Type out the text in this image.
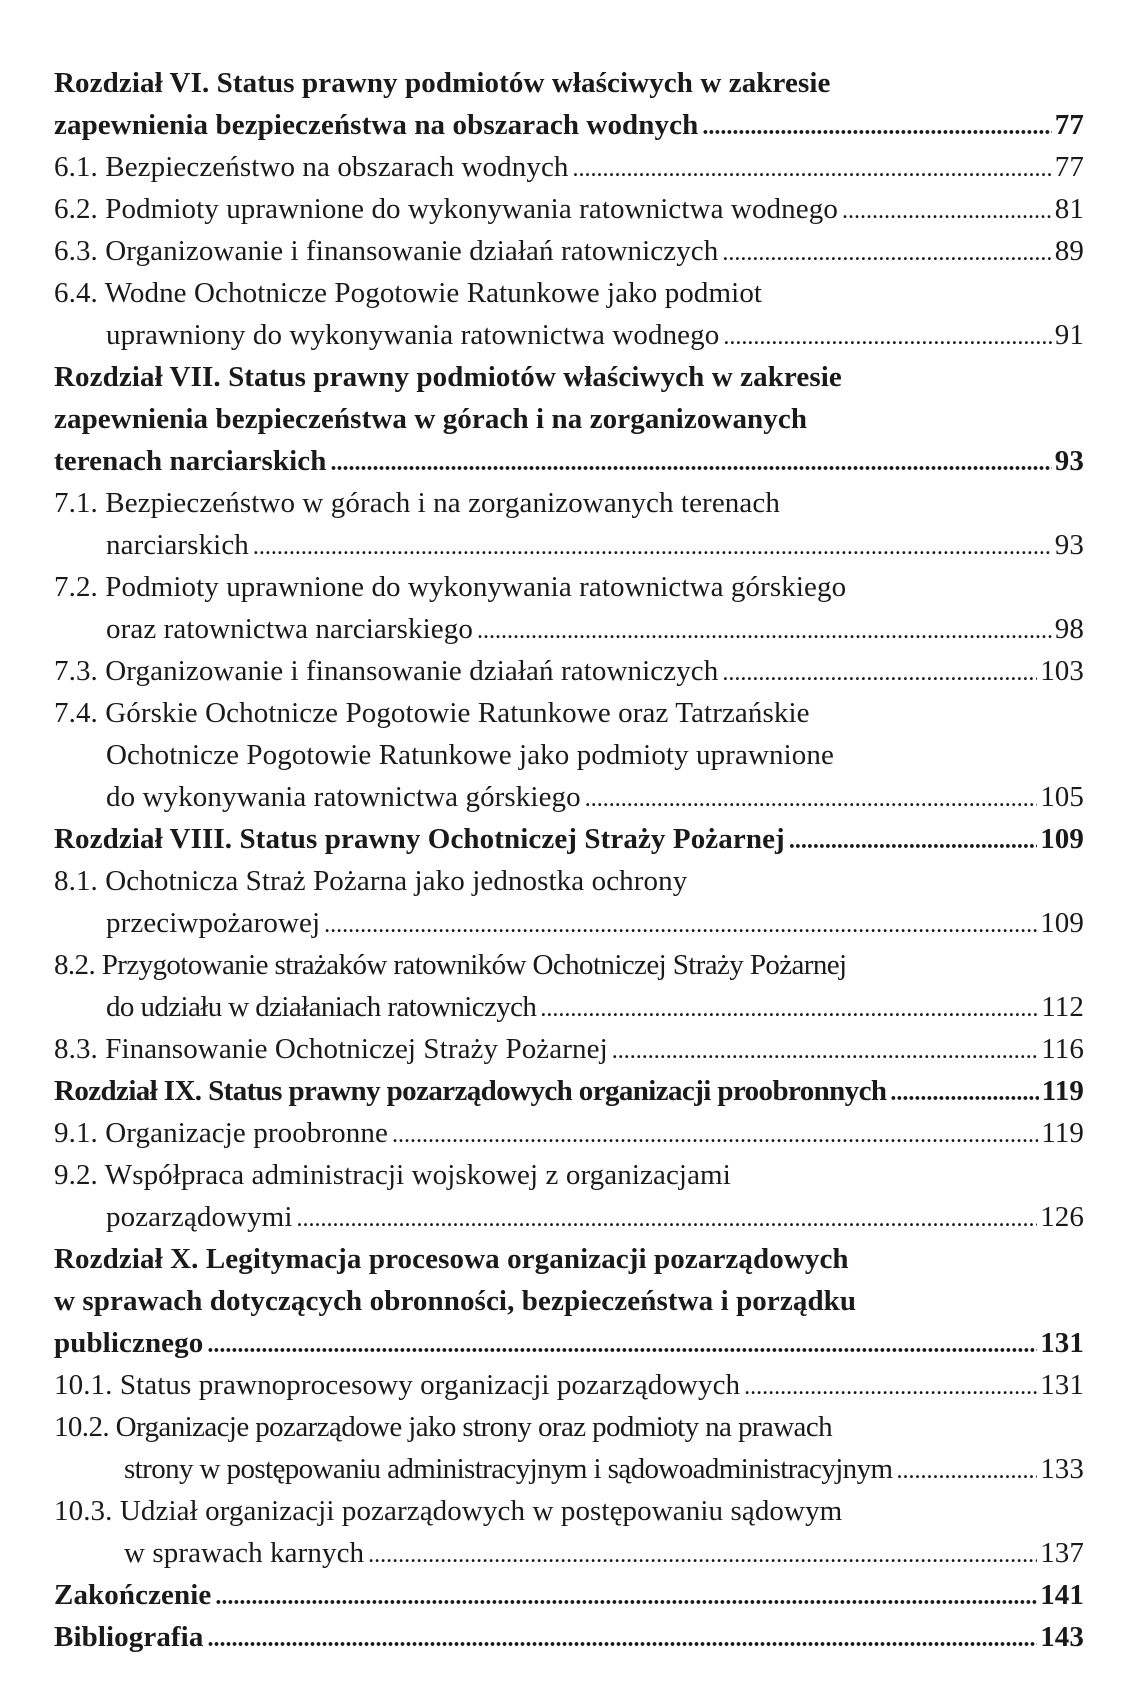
Rozdział VI. Status prawny podmiotów właściwych w zakresie
zapewnienia bezpieczeństwa na obszarach wodnych . . .	77
6.1. Bezpieczeństwo na obszarach wodnych . . .	77
6.2. Podmioty uprawnione do wykonywania ratownictwa wodnego . . .	81
6.3. Organizowanie i finansowanie działań ratowniczych . . .	89
6.4. Wodne Ochotnicze Pogotowie Ratunkowe jako podmiot
uprawniony do wykonywania ratownictwa wodnego . . .	91
Rozdział VII. Status prawny podmiotów właściwych w zakresie
zapewnienia bezpieczeństwa w górach i na zorganizowanych
terenach narciarskich . . .	93
7.1. Bezpieczeństwo w górach i na zorganizowanych terenach
narciarskich . . .	93
7.2. Podmioty uprawnione do wykonywania ratownictwa górskiego
oraz ratownictwa narciarskiego . . .	98
7.3. Organizowanie i finansowanie działań ratowniczych . . .	103
7.4. Górskie Ochotnicze Pogotowie Ratunkowe oraz Tatrzańskie
Ochotnicze Pogotowie Ratunkowe jako podmioty uprawnione
do wykonywania ratownictwa górskiego . . .	105
Rozdział VIII. Status prawny Ochotniczej Straży Pożarnej . . .	109
8.1. Ochotnicza Straż Pożarna jako jednostka ochrony
przeciwpożarowej . . .	109
8.2. Przygotowanie strażaków ratowników Ochotniczej Straży Pożarnej
do udziału w działaniach ratowniczych . . .	112
8.3. Finansowanie Ochotniczej Straży Pożarnej . . .	116
Rozdział IX. Status prawny pozarządowych organizacji proobronnych . . .	119
9.1. Organizacje proobronne . . .	119
9.2. Współpraca administracji wojskowej z organizacjami
pozarządowymi . . .	126
Rozdział X. Legitymacja procesowa organizacji pozarządowych
w sprawach dotyczących obronności, bezpieczeństwa i porządku
publicznego . . .	131
10.1. Status prawnoprocesowy organizacji pozarządowych . . .	131
10.2. Organizacje pozarządowe jako strony oraz podmioty na prawach
strony w postępowaniu administracyjnym i sądowoadministracyjnym . . .	133
10.3. Udział organizacji pozarządowych w postępowaniu sądowym
w sprawach karnych . . .	137
Zakończenie . . .	141
Bibliografia . . .	143
